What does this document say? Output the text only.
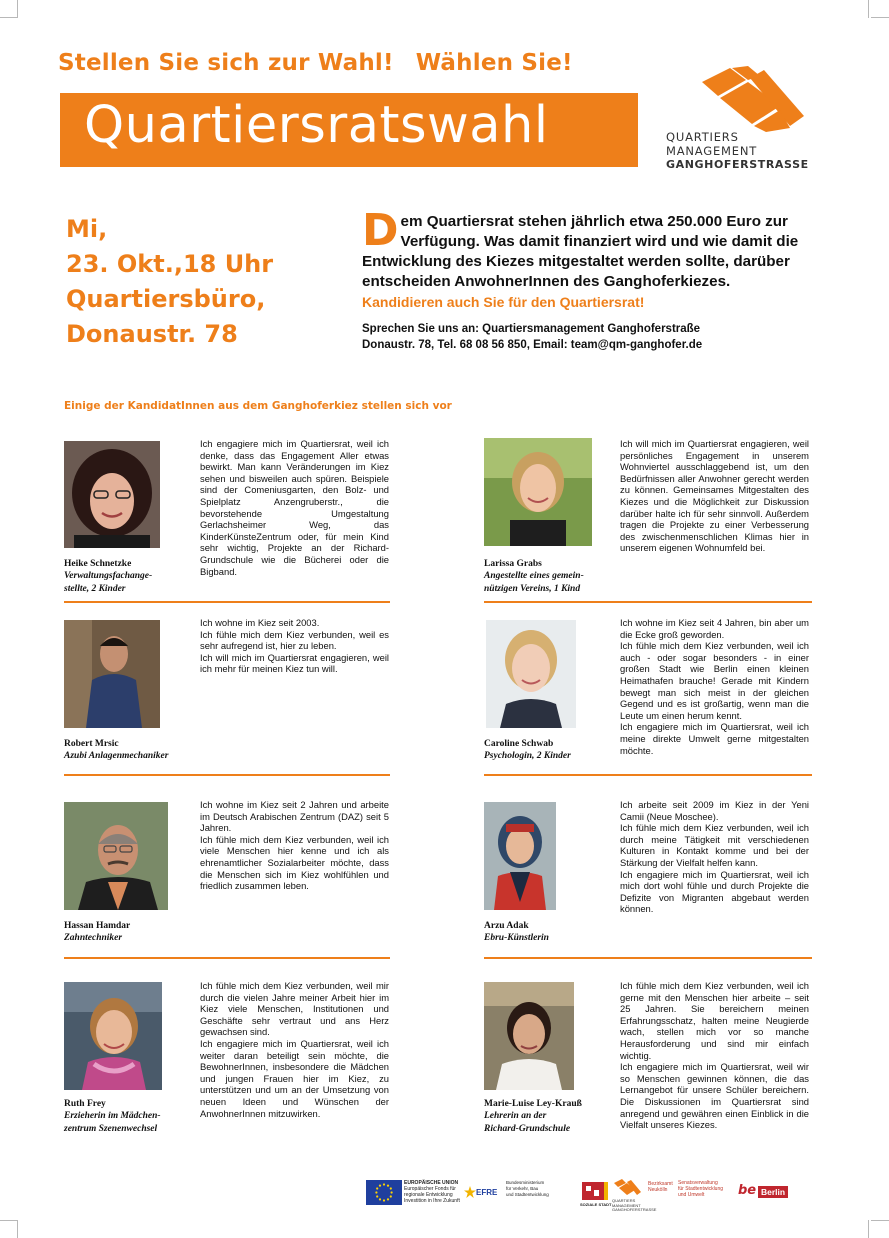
Stellen Sie sich zur Wahl! Wählen Sie!
Quartiersratswahl	QUARTIERS
MANAGEMENT
GANGHOFERSTRASSE
Mi,
23. Okt.,18 Uhr
Quartiersbüro,
Donaustr. 78
Dem Quartiersrat stehen jährlich etwa 250.000 Euro zur Verfügung. Was damit finanziert wird und wie damit die Entwicklung des Kiezes mitgestaltet werden sollte, darüber entscheiden AnwohnerInnen des Ganghoferkiezes.
Kandidieren auch Sie für den Quartiersrat!
Sprechen Sie uns an: Quartiersmanagement Ganghoferstraße
Donaustr. 78, Tel. 68 08 56 850, Email: team@qm-ganghofer.de
Einige der KandidatInnen aus dem Ganghoferkiez stellen sich vor
Heike Schnetzke
Verwaltungsfachange-
stellte, 2 Kinder

Ich engagiere mich im Quartiersrat, weil ich denke, dass das Engagement Aller etwas bewirkt. Man kann Veränderungen im Kiez sehen und bisweilen auch spüren. Beispiele sind der Comeniusgarten, den Bolz- und Spielplatz Anzengruberstr., die bevorstehende Umgestaltung Gerlachsheimer Weg, das KinderKünsteZentrum oder, für mein Kind sehr wichtig, Projekte an der Richard-Grundschule wie die Bücherei oder die Bigband.

Larissa Grabs
Angestellte eines gemein-
nützigen Vereins, 1 Kind

Ich will mich im Quartiersrat engagieren, weil persönliches Engagement in unserem Wohnviertel ausschlaggebend ist, um den Bedürfnissen aller Anwohner gerecht werden zu können. Gemeinsames Mitgestalten des Kiezes und die Möglichkeit zur Diskussion darüber halte ich für sehr sinnvoll. Außerdem tragen die Projekte zu einer Verbesserung des zwischenmenschlichen Klimas hier in unserem eigenen Wohnumfeld bei.

Robert Mrsic
Azubi Anlagenmechaniker

Ich wohne im Kiez seit 2003.

Ich fühle mich dem Kiez verbunden, weil es sehr aufregend ist, hier zu leben.

Ich will mich im Quartiersrat engagieren, weil ich mehr für meinen Kiez tun will.

Caroline Schwab
Psychologin, 2 Kinder

Ich wohne im Kiez seit 4 Jahren, bin aber um die Ecke groß geworden.

Ich fühle mich dem Kiez verbunden, weil ich auch - oder sogar besonders - in einer großen Stadt wie Berlin einen kleinen Heimathafen brauche! Gerade mit Kindern bewegt man sich meist in der gleichen Gegend und es ist großartig, wenn man die Leute um einen herum kennt.

Ich engagiere mich im Quartiersrat, weil ich meine direkte Umwelt gerne mitgestalten möchte.

Hassan Hamdar
Zahntechniker

Ich wohne im Kiez seit 2 Jahren und arbeite im Deutsch Arabischen Zentrum (DAZ) seit 5 Jahren.

Ich fühle mich dem Kiez verbunden, weil ich viele Menschen hier kenne und ich als ehrenamtlicher Sozialarbeiter möchte, dass die Menschen sich im Kiez wohlfühlen und friedlich zusammen leben.

Arzu Adak
Ebru-Künstlerin

Ich arbeite seit 2009 im Kiez in der Yeni Camii (Neue Moschee).

Ich fühle mich dem Kiez verbunden, weil ich durch meine Tätigkeit mit verschiedenen Kulturen in Kontakt komme und bei der Stärkung der Vielfalt helfen kann.

Ich engagiere mich im Quartiersrat, weil ich mich dort wohl fühle und durch Projekte die Defizite von Migranten abgebaut werden können.

Ruth Frey
Erzieherin im Mädchen-
zentrum Szenenwechsel

Ich fühle mich dem Kiez verbunden, weil mir durch die vielen Jahre meiner Arbeit hier im Kiez viele Menschen, Institutionen und Geschäfte sehr vertraut und ans Herz gewachsen sind.

Ich engagiere mich im Quartiersrat, weil ich weiter daran beteiligt sein möchte, die BewohnerInnen, insbesondere die Mädchen und jungen Frauen hier im Kiez, zu unterstützen und um an der Umsetzung von neuen Ideen und Wünschen der AnwohnerInnen mitzuwirken.

Marie-Luise Ley-Krauß
Lehrerin an der
Richard-Grundschule

Ich fühle mich dem Kiez verbunden, weil ich gerne mit den Menschen hier arbeite – seit 25 Jahren. Sie bereichern meinen Erfahrungsschatz, halten meine Neugierde wach, stellen mich vor so manche Herausforderung und sind mir einfach wichtig.

Ich engagiere mich im Quartiersrat, weil wir so Menschen gewinnen können, die das Lernangebot für unsere Schüler bereichern. Die Diskussionen im Quartiersrat sind anregend und gewähren einen Einblick in die Vielfalt unseres Kiezes.

EUROPÄISCHE UNION
Europäischer Fonds für
regionale Entwicklung
Investition in Ihre Zukunft
EFRE
Bundesministerium
für Verkehr, Bau
und Stadtentwicklung
SOZIALE STADT
QUARTIERS
MANAGEMENT
GANGHOFERSTRASSE
Bezirksamt
Neukölln
Senatsverwaltung
für Stadtentwicklung
und Umwelt	be Berlin
